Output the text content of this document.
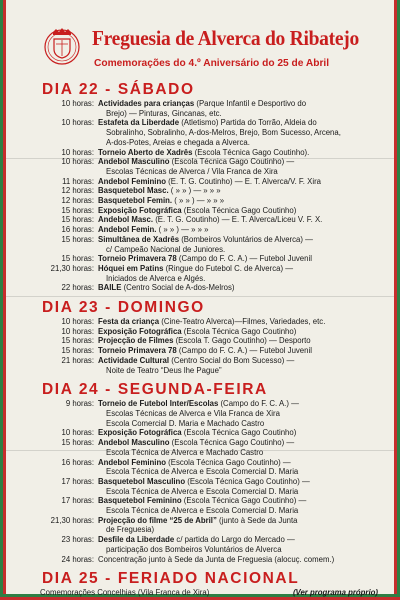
Freguesia de Alverca do Ribatejo
Comemorações do 4.º Aniversário do 25 de Abril
DIA 22 - SÁBADO
10 horas: Actividades para crianças (Parque Infantil e Desportivo do
Brejo) — Pinturas, Gincanas, etc.
10 horas: Estafeta da Liberdade (Atletismo) Partida do Torrão, Aldeia do
Sobralinho, Sobralinho, A-dos-Melros, Brejo, Bom Sucesso, Arcena,
A-dos-Potes, Areias e chegada a Alverca.
10 horas: Torneio Aberto de Xadrês (Escola Técnica Gago Coutinho).
10 horas: Andebol Masculino (Escola Técnica Gago Coutinho) —
Escolas Técnicas de Alverca / Vila Franca de Xira
11 horas: Andebol Feminino (E. T. G. Coutinho) — E. T. Alverca/V. F. Xira
12 horas: Basquetebol Masc. ( » » ) — » » »
12 horas: Basquetebol Femin. ( » » ) — » » »
15 horas: Exposição Fotográfica (Escola Técnica Gago Coutinho)
15 horas: Andebol Masc. (E. T. G. Coutinho) — E. T. Alverca/Liceu V. F. X.
16 horas: Andebol Femin. ( » » ) — » » »
15 horas: Simultânea de Xadrês (Bombeiros Voluntários de Alverca) —
c/ Campeão Nacional de Juniores.
15 horas: Torneio Primavera 78 (Campo do F. C. A.) — Futebol Juvenil
21,30 horas: Hóquei em Patins (Ringue do Futebol C. de Alverca) —
Iniciados de Alverca e Algés.
22 horas: BAILE (Centro Social de A-dos-Melros)
DIA 23 - DOMINGO
10 horas: Festa da criança (Cine-Teatro Alverca)—Filmes, Variedades, etc.
10 horas: Exposição Fotográfica (Escola Técnica Gago Coutinho)
15 horas: Projecção de Filmes (Escola T. Gago Coutinho) — Desporto
15 horas: Torneio Primavera 78 (Campo do F. C. A.) — Futebol Juvenil
21 horas: Actividade Cultural (Centro Social do Bom Sucesso) —
Noite de Teatro “Deus lhe Pague”
DIA 24 - SEGUNDA-FEIRA
9 horas: Torneio de Futebol Inter/Escolas (Campo do F. C. A.) —
Escolas Técnicas de Alverca e Vila Franca de Xira
Escola Comercial D. Maria e Machado Castro
10 horas: Exposição Fotográfica (Escola Técnica Gago Coutinho)
15 horas: Andebol Masculino (Escola Técnica Gago Coutinho) —
Escola Técnica de Alverca e Machado Castro
16 horas: Andebol Feminino (Escola Técnica Gago Coutinho) —
Escola Técnica de Alverca e Escola Comercial D. Maria
17 horas: Basquetebol Masculino (Escola Técnica Gago Coutinho) —
Escola Técnica de Alverca e Escola Comercial D. Maria
17 horas: Basquetebol Feminino (Escola Técnica Gago Coutinho) —
Escola Técnica de Alverca e Escola Comercial D. Maria
21,30 horas: Projecção do filme “25 de Abril” (junto à Sede da Junta
de Freguesia)
23 horas: Desfile da Liberdade c/ partida do Largo do Mercado —
participação dos Bombeiros Voluntários de Alverca
24 horas: Concentração junto à Sede da Junta de Freguesia (alocuç. comem.)
DIA 25 - FERIADO NACIONAL
Comemorações Concelhias (Vila Franca de Xira)	(Ver programa próprio)
